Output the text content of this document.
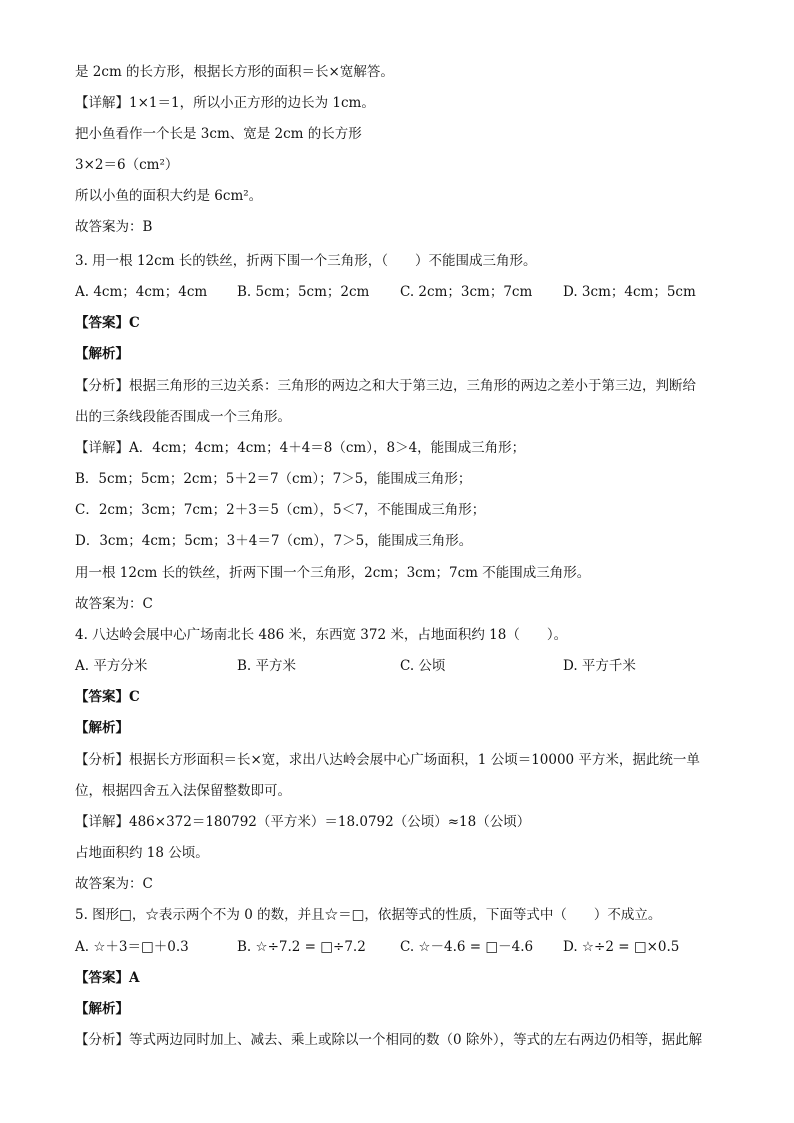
是 2cm 的长方形，根据长方形的面积＝长×宽解答。
【详解】1×1＝1，所以小正方形的边长为 1cm。
把小鱼看作一个长是 3cm、宽是 2cm 的长方形
3×2＝6（cm²）
所以小鱼的面积大约是 6cm²。
故答案为：B
3. 用一根 12cm 长的铁丝，折两下围一个三角形，（　　）不能围成三角形。
A. 4cm；4cm；4cm B. 5cm；5cm；2cm C. 2cm；3cm；7cm D. 3cm；4cm；5cm
【答案】C
【解析】
【分析】根据三角形的三边关系：三角形的两边之和大于第三边，三角形的两边之差小于第三边，判断给
出的三条线段能否围成一个三角形。
【详解】A．4cm；4cm；4cm；4＋4＝8（cm），8＞4，能围成三角形；
B．5cm；5cm；2cm；5＋2＝7（cm）；7＞5，能围成三角形；
C．2cm；3cm；7cm；2＋3＝5（cm），5＜7，不能围成三角形；
D．3cm；4cm；5cm；3＋4＝7（cm），7＞5，能围成三角形。
用一根 12cm 长的铁丝，折两下围一个三角形，2cm；3cm；7cm 不能围成三角形。
故答案为：C
4. 八达岭会展中心广场南北长 486 米，东西宽 372 米，占地面积约 18（　　）。
A. 平方分米	B. 平方米	C. 公顷	D. 平方千米
【答案】C
【解析】
【分析】根据长方形面积＝长×宽，求出八达岭会展中心广场面积，1 公顷＝10000 平方米，据此统一单
位，根据四舍五入法保留整数即可。
【详解】486×372＝180792（平方米）＝18.0792（公顷）≈18（公顷）
占地面积约 18 公顷。
故答案为：C
5. 图形□，☆表示两个不为 0 的数，并且☆＝□，依据等式的性质，下面等式中（　　）不成立。
A. ☆＋3＝□＋0.3	B. ☆÷7.2 = □÷7.2	C. ☆－4.6 = □－4.6 D. ☆÷2 = □×0.5
【答案】A
【解析】
【分析】等式两边同时加上、减去、乘上或除以一个相同的数（0 除外），等式的左右两边仍相等，据此解
